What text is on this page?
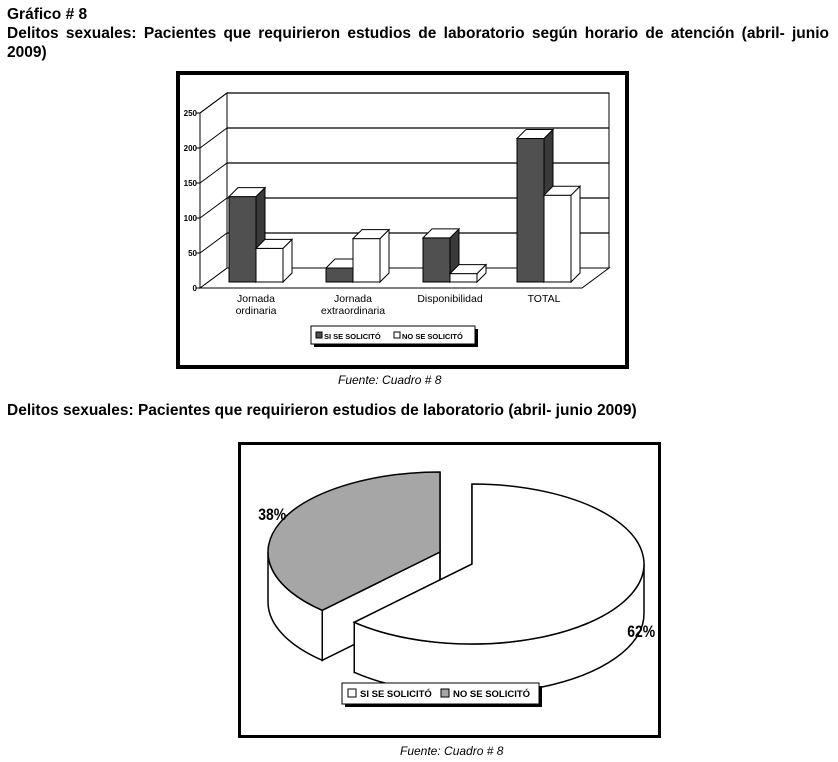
Gráfico # 8
Delitos sexuales: Pacientes que requirieron estudios de laboratorio según horario de atención (abril- junio 2009)
Fuente: Cuadro # 8
Delitos sexuales: Pacientes que requirieron estudios de laboratorio (abril- junio 2009)
Fuente: Cuadro # 8
0
50
100
150
200
250
Jornada
ordinaria
Jornada
extraordinaria
Disponibilidad	TOTAL
SI SE SOLICITÓ	NO SE SOLICITÓ
38%
62%
SI SE SOLICITÓ NO SE SOLICITÓ
